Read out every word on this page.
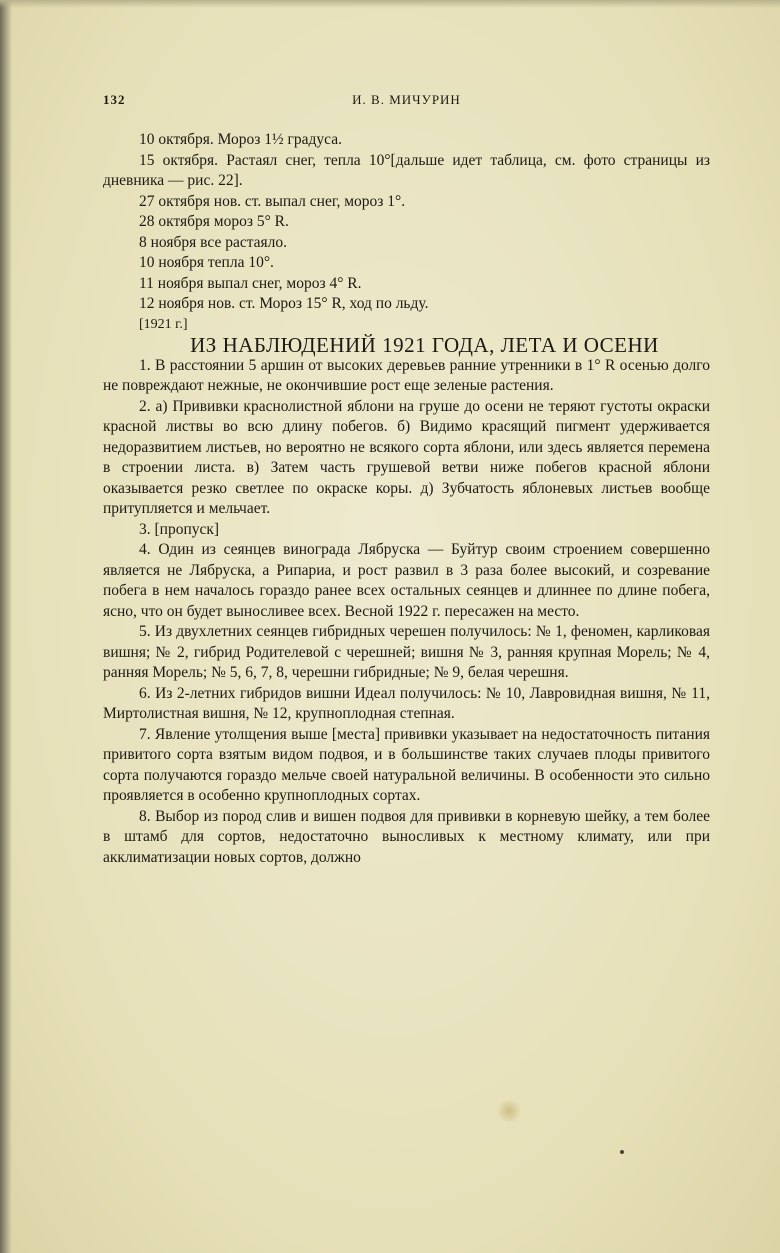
И. В. МИЧУРИН
132

10 октября. Мороз 1½ градуса.

15 октября. Растаял снег, тепла 10°[дальше идет таблица, см. фото страницы из дневника — рис. 22].

27 октября нов. ст. выпал снег, мороз 1°.

28 октября мороз 5° R.

8 ноября все растаяло.

10 ноября тепла 10°.

11 ноября выпал снег, мороз 4° R.

12 ноября нов. ст. Мороз 15° R, ход по льду.

[1921 г.]

ИЗ НАБЛЮДЕНИЙ 1921 ГОДА, ЛЕТА И ОСЕНИ

1. В расстоянии 5 аршин от высоких деревьев ранние утренники в 1° R осенью долго не повреждают нежные, не окончившие рост еще зеленые растения.

2. а) Прививки краснолистной яблони на груше до осени не теряют густоты окраски красной листвы во всю длину побегов. б) Видимо красящий пигмент удерживается недоразвитием листьев, но вероятно не всякого сорта яблони, или здесь является перемена в строении листа. в) Затем часть грушевой ветви ниже побегов красной яблони оказывается резко светлее по окраске коры. д) Зубчатость яблоневых листьев вообще притупляется и мельчает.

3. [пропуск]

4. Один из сеянцев винограда Лябруска — Буйтур своим строением совершенно является не Лябруска, а Рипариа, и рост развил в 3 раза более высокий, и созревание побега в нем началось гораздо ранее всех остальных сеянцев и длиннее по длине побега, ясно, что он будет выносливее всех. Весной 1922 г. пересажен на место.

5. Из двухлетних сеянцев гибридных черешен получилось: № 1, феномен, карликовая вишня; № 2, гибрид Родителевой с черешней; вишня № 3, ранняя крупная Морель; № 4, ранняя Морель; № 5, 6, 7, 8, черешни гибридные; № 9, белая черешня.

6. Из 2-летних гибридов вишни Идеал получилось: № 10, Лавровидная вишня, № 11, Миртолистная вишня, № 12, крупноплодная степная.

7. Явление утолщения выше [места] прививки указывает на недостаточность питания привитого сорта взятым видом подвоя, и в большинстве таких случаев плоды привитого сорта получаются гораздо мельче своей натуральной величины. В особенности это сильно проявляется в особенно крупноплодных сортах.

8. Выбор из пород слив и вишен подвоя для прививки в корневую шейку, а тем более в штамб для сортов, недостаточно выносливых к местному климату, или при акклиматизации новых сортов, должно
